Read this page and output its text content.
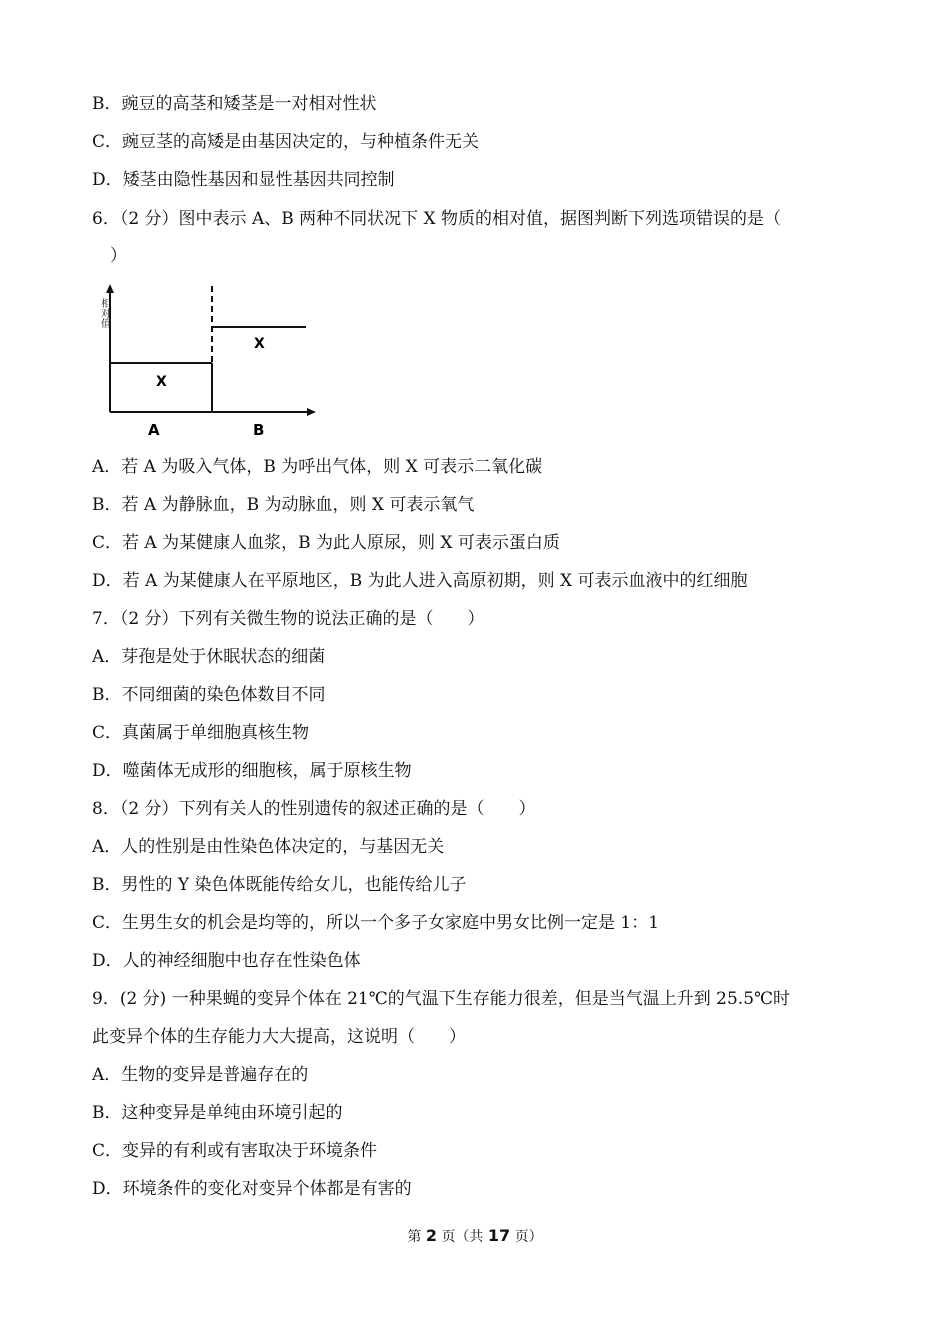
B．豌豆的高茎和矮茎是一对相对性状
C．豌豆茎的高矮是由基因决定的，与种植条件无关
D．矮茎由隐性基因和显性基因共同控制
6．（2 分）图中表示 A、B 两种不同状况下 X 物质的相对值，据图判断下列选项错误的是（
）
相对值
X
X
A	B
A．若 A 为吸入气体，B 为呼出气体，则 X 可表示二氧化碳
B．若 A 为静脉血，B 为动脉血，则 X 可表示氧气
C．若 A 为某健康人血浆，B 为此人原尿，则 X 可表示蛋白质
D．若 A 为某健康人在平原地区，B 为此人进入高原初期，则 X 可表示血液中的红细胞
7．（2 分）下列有关微生物的说法正确的是（　　）
A．芽孢是处于休眠状态的细菌
B．不同细菌的染色体数目不同
C．真菌属于单细胞真核生物
D．噬菌体无成形的细胞核，属于原核生物
8．（2 分）下列有关人的性别遗传的叙述正确的是（　　）
A．人的性别是由性染色体决定的，与基因无关
B．男性的 Y 染色体既能传给女儿，也能传给儿子
C．生男生女的机会是均等的，所以一个多子女家庭中男女比例一定是 1：1
D．人的神经细胞中也存在性染色体
9．(2 分) 一种果蝇的变异个体在 21℃的气温下生存能力很差，但是当气温上升到 25.5℃时
此变异个体的生存能力大大提高，这说明（　　）
A．生物的变异是普遍存在的
B．这种变异是单纯由环境引起的
C．变异的有利或有害取决于环境条件
D．环境条件的变化对变异个体都是有害的
第 2 页（共 17 页）
